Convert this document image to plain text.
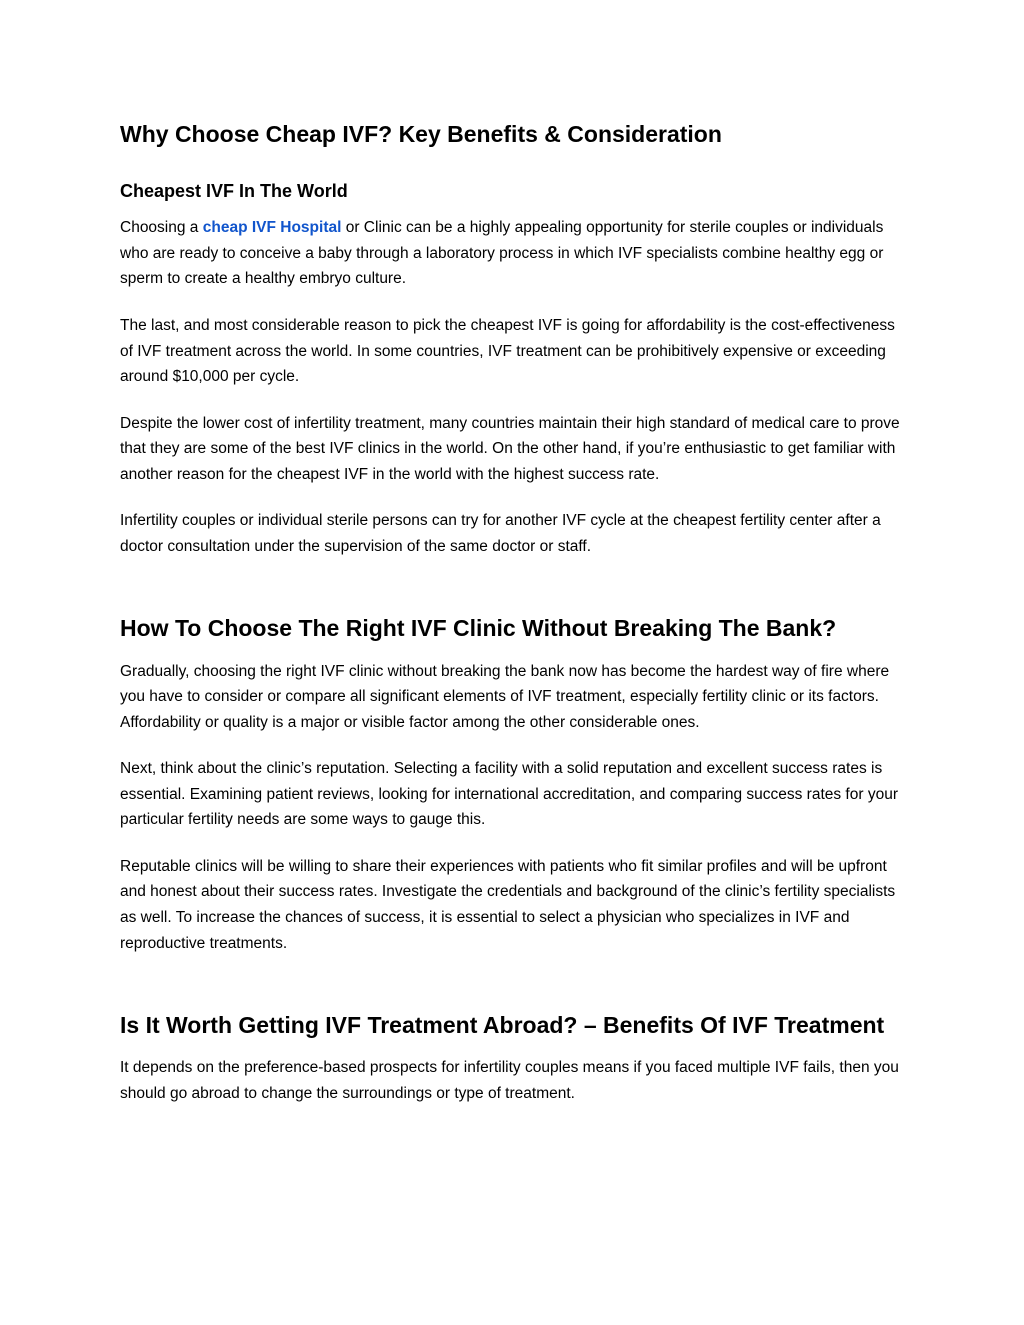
Why Choose Cheap IVF? Key Benefits & Consideration
Cheapest IVF In The World

Choosing a cheap IVF Hospital or Clinic can be a highly appealing opportunity for sterile couples or individuals who are ready to conceive a baby through a laboratory process in which IVF specialists combine healthy egg or sperm to create a healthy embryo culture.

The last, and most considerable reason to pick the cheapest IVF is going for affordability is the cost-effectiveness of IVF treatment across the world. In some countries, IVF treatment can be prohibitively expensive or exceeding around $10,000 per cycle.

Despite the lower cost of infertility treatment, many countries maintain their high standard of medical care to prove that they are some of the best IVF clinics in the world. On the other hand, if you’re enthusiastic to get familiar with another reason for the cheapest IVF in the world with the highest success rate.

Infertility couples or individual sterile persons can try for another IVF cycle at the cheapest fertility center after a doctor consultation under the supervision of the same doctor or staff.

How To Choose The Right IVF Clinic Without Breaking The Bank?

Gradually, choosing the right IVF clinic without breaking the bank now has become the hardest way of fire where you have to consider or compare all significant elements of IVF treatment, especially fertility clinic or its factors. Affordability or quality is a major or visible factor among the other considerable ones.

Next, think about the clinic’s reputation. Selecting a facility with a solid reputation and excellent success rates is essential. Examining patient reviews, looking for international accreditation, and comparing success rates for your particular fertility needs are some ways to gauge this.

Reputable clinics will be willing to share their experiences with patients who fit similar profiles and will be upfront and honest about their success rates. Investigate the credentials and background of the clinic’s fertility specialists as well. To increase the chances of success, it is essential to select a physician who specializes in IVF and reproductive treatments.

Is It Worth Getting IVF Treatment Abroad? – Benefits Of IVF Treatment

It depends on the preference-based prospects for infertility couples means if you faced multiple IVF fails, then you should go abroad to change the surroundings or type of treatment.
